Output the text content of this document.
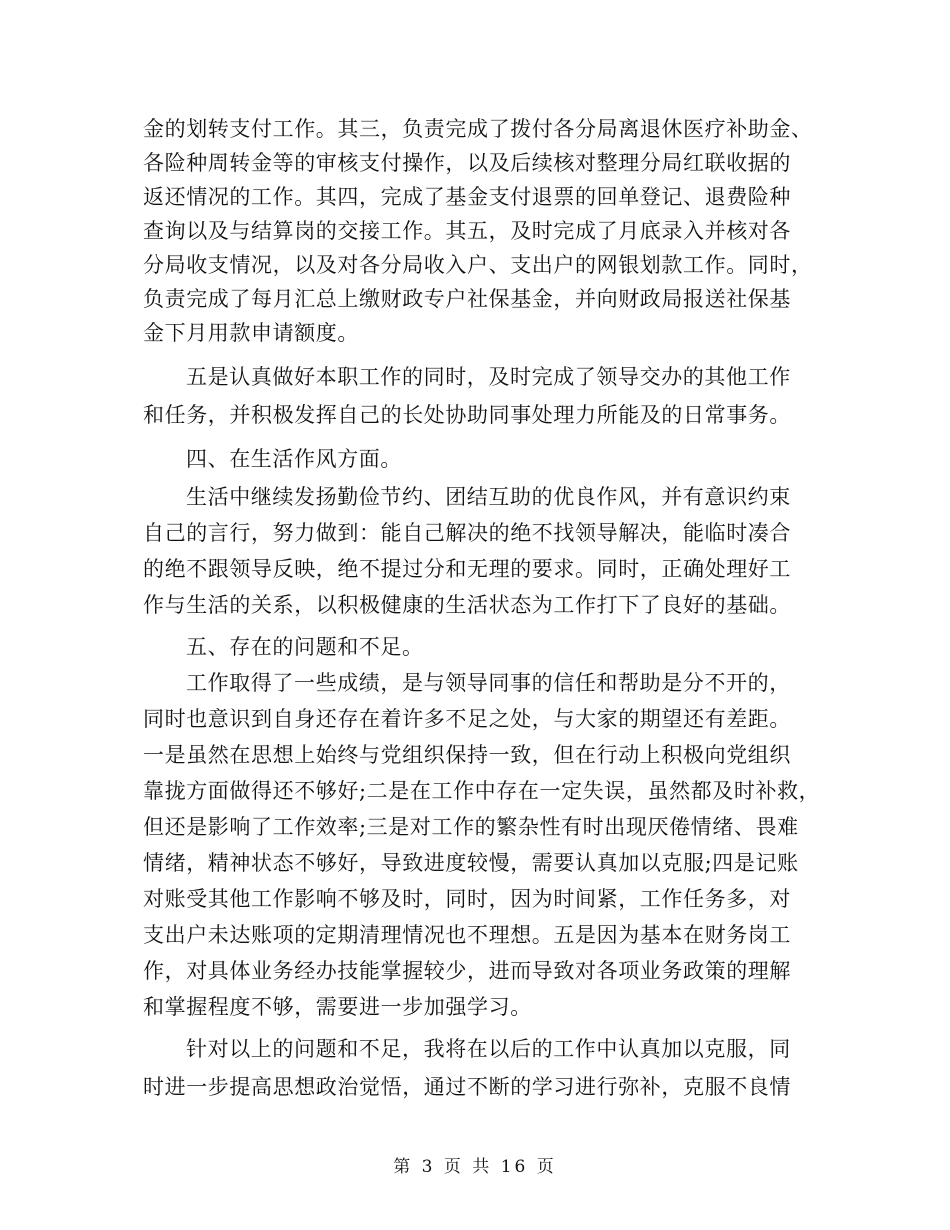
金的划转支付工作。其三，负责完成了拨付各分局离退休医疗补助金、
各险种周转金等的审核支付操作，以及后续核对整理分局红联收据的
返还情况的工作。其四，完成了基金支付退票的回单登记、退费险种
查询以及与结算岗的交接工作。其五，及时完成了月底录入并核对各
分局收支情况，以及对各分局收入户、支出户的网银划款工作。同时，
负责完成了每月汇总上缴财政专户社保基金，并向财政局报送社保基
金下月用款申请额度。
五是认真做好本职工作的同时，及时完成了领导交办的其他工作
和任务，并积极发挥自己的长处协助同事处理力所能及的日常事务。
四、在生活作风方面。
生活中继续发扬勤俭节约、团结互助的优良作风，并有意识约束
自己的言行，努力做到：能自己解决的绝不找领导解决，能临时凑合
的绝不跟领导反映，绝不提过分和无理的要求。同时，正确处理好工
作与生活的关系，以积极健康的生活状态为工作打下了良好的基础。
五、存在的问题和不足。
工作取得了一些成绩，是与领导同事的信任和帮助是分不开的，
同时也意识到自身还存在着许多不足之处，与大家的期望还有差距。
一是虽然在思想上始终与党组织保持一致，但在行动上积极向党组织
靠拢方面做得还不够好;二是在工作中存在一定失误，虽然都及时补救，
但还是影响了工作效率;三是对工作的繁杂性有时出现厌倦情绪、畏难
情绪，精神状态不够好，导致进度较慢，需要认真加以克服;四是记账
对账受其他工作影响不够及时，同时，因为时间紧，工作任务多，对
支出户未达账项的定期清理情况也不理想。五是因为基本在财务岗工
作，对具体业务经办技能掌握较少，进而导致对各项业务政策的理解
和掌握程度不够，需要进一步加强学习。
针对以上的问题和不足，我将在以后的工作中认真加以克服，同
时进一步提高思想政治觉悟，通过不断的学习进行弥补，克服不良情
第 3 页 共 16 页
